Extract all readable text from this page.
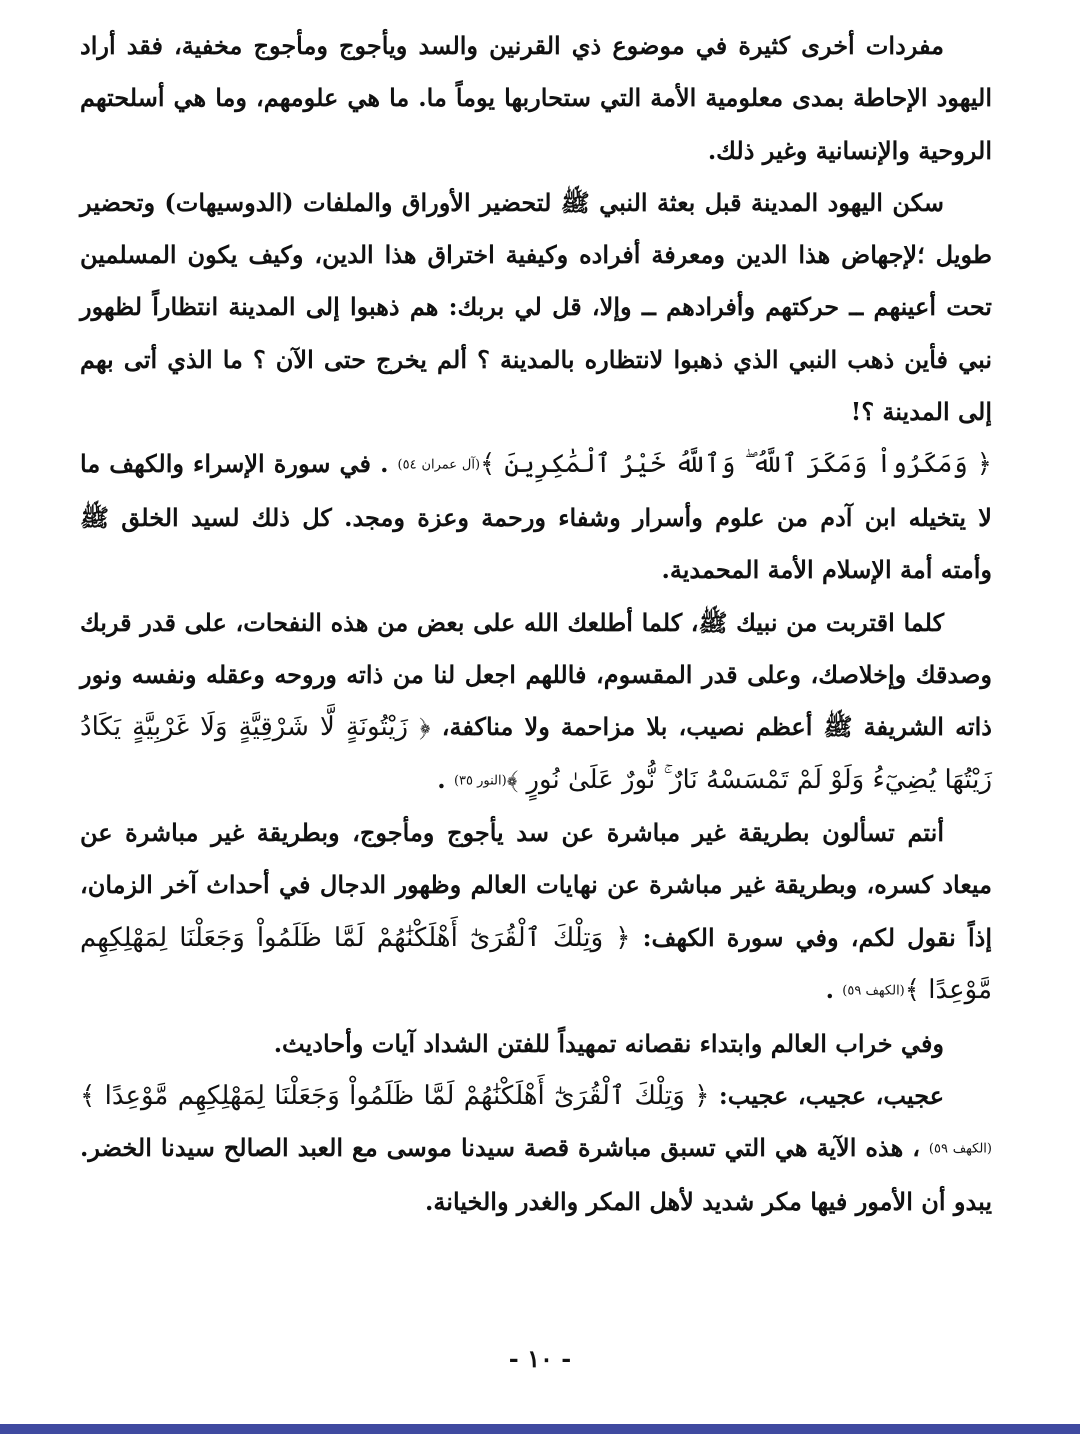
مفردات أخرى كثيرة في موضوع ذي القرنين والسد ويأجوج ومأجوج مخفية، فقد أراد اليهود الإحاطة بمدى معلومية الأمة التي ستحاربها يوماً ما. ما هي علومهم، وما هي أسلحتهم الروحية والإنسانية وغير ذلك.

سكن اليهود المدينة قبل بعثة النبي ﷺ لتحضير الأوراق والملفات (الدوسيهات) وتحضير طويل ؛لإجهاض هذا الدين ومعرفة أفراده وكيفية اختراق هذا الدين، وكيف يكون المسلمين تحت أعينهم ــ حركتهم وأفرادهم ــ وإلا، قل لي بربك: هم ذهبوا إلى المدينة انتظاراً لظهور نبي فأين ذهب النبي الذي ذهبوا لانتظاره بالمدينة ؟ ألم يخرج حتى الآن ؟ ما الذي أتى بهم إلى المدينة ؟!

﴿ وَمَكَرُواْ وَمَكَرَ ٱللَّهُ ۖ وَٱللَّهُ خَيْرُ ٱلْمَٰكِرِينَ ﴾(آل عمران ٥٤) . في سورة الإسراء والكهف ما لا يتخيله ابن آدم من علوم وأسرار وشفاء ورحمة وعزة ومجد. كل ذلك لسيد الخلق ﷺ وأمته أمة الإسلام الأمة المحمدية.

كلما اقتربت من نبيك ﷺ، كلما أطلعك الله على بعض من هذه النفحات، على قدر قربك وصدقك وإخلاصك، وعلى قدر المقسوم، فاللهم اجعل لنا من ذاته وروحه وعقله ونفسه ونور ذاته الشريفة ﷺ أعظم نصيب، بلا مزاحمة ولا مناكفة، ﴿ زَيْتُونَةٍ لَّا شَرْقِيَّةٍ وَلَا غَرْبِيَّةٍ يَكَادُ زَيْتُهَا يُضِيٓءُ وَلَوْ لَمْ تَمْسَسْهُ نَارٌ ۚ نُّورٌ عَلَىٰ نُورٍ ﴾(النور ٣٥) .

أنتم تسألون بطريقة غير مباشرة عن سد يأجوج ومأجوج، وبطريقة غير مباشرة عن ميعاد كسره، وبطريقة غير مباشرة عن نهايات العالم وظهور الدجال في أحداث آخر الزمان، إذاً نقول لكم، وفي سورة الكهف: ﴿ وَتِلْكَ ٱلْقُرَىٰٓ أَهْلَكْنَٰهُمْ لَمَّا ظَلَمُواْ وَجَعَلْنَا لِمَهْلِكِهِم مَّوْعِدًا ﴾(الكهف ٥٩) .

وفي خراب العالم وابتداء نقصانه تمهيداً للفتن الشداد آيات وأحاديث.

عجيب، عجيب، عجيب: ﴿ وَتِلْكَ ٱلْقُرَىٰٓ أَهْلَكْنَٰهُمْ لَمَّا ظَلَمُواْ وَجَعَلْنَا لِمَهْلِكِهِم مَّوْعِدًا ﴾(الكهف ٥٩) ، هذه الآية هي التي تسبق مباشرة قصة سيدنا موسى مع العبد الصالح سيدنا الخضر. يبدو أن الأمور فيها مكر شديد لأهل المكر والغدر والخيانة.

- ١٠ -
